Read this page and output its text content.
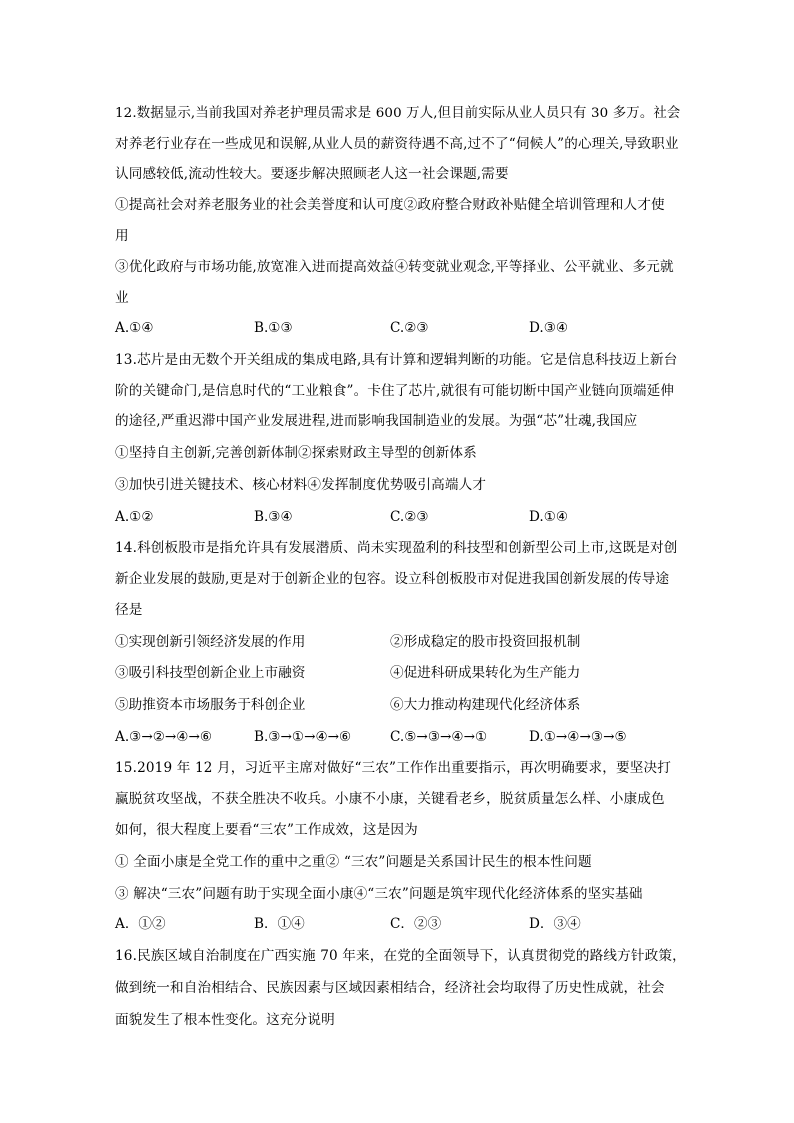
12.数据显示,当前我国对养老护理员需求是 600 万人,但目前实际从业人员只有 30 多万。社会
对养老行业存在一些成见和误解,从业人员的薪资待遇不高,过不了“伺候人”的心理关,导致职业
认同感较低,流动性较大。要逐步解决照顾老人这一社会课题,需要
①提高社会对养老服务业的社会美誉度和认可度②政府整合财政补贴健全培训管理和人才使
用
③优化政府与市场功能,放宽准入进而提高效益④转变就业观念,平等择业、公平就业、多元就
业
A.①④	B.①③	C.②③	D.③④
13.芯片是由无数个开关组成的集成电路,具有计算和逻辑判断的功能。它是信息科技迈上新台
阶的关键命门,是信息时代的“工业粮食”。卡住了芯片,就很有可能切断中国产业链向顶端延伸
的途径,严重迟滞中国产业发展进程,进而影响我国制造业的发展。为强“芯”壮魂,我国应
①坚持自主创新,完善创新体制②探索财政主导型的创新体系
③加快引进关键技术、核心材料④发挥制度优势吸引高端人才
A.①②	B.③④	C.②③	D.①④
14.科创板股市是指允许具有发展潜质、尚未实现盈利的科技型和创新型公司上市,这既是对创
新企业发展的鼓励,更是对于创新企业的包容。设立科创板股市对促进我国创新发展的传导途
径是
①实现创新引领经济发展的作用	②形成稳定的股市投资回报机制
③吸引科技型创新企业上市融资	④促进科研成果转化为生产能力
⑤助推资本市场服务于科创企业	⑥大力推动构建现代化经济体系
A.③→②→④→⑥	B.③→①→④→⑥	C.⑤→③→④→①	D.①→④→③→⑤
15.2019 年 12 月，习近平主席对做好“三农”工作作出重要指示，再次明确要求，要坚决打
赢脱贫攻坚战，不获全胜决不收兵。小康不小康，关键看老乡，脱贫质量怎么样、小康成色
如何，很大程度上要看“三农”工作成效，这是因为
① 全面小康是全党工作的重中之重② “三农”问题是关系国计民生的根本性问题
③ 解决“三农”问题有助于实现全面小康④“三农”问题是筑牢现代化经济体系的坚实基础
A．①②	B．①④	C．②③	D．③④
16.民族区域自治制度在广西实施 70 年来，在党的全面领导下，认真贯彻党的路线方针政策，
做到统一和自治相结合、民族因素与区域因素相结合，经济社会均取得了历史性成就，社会
面貌发生了根本性变化。这充分说明
